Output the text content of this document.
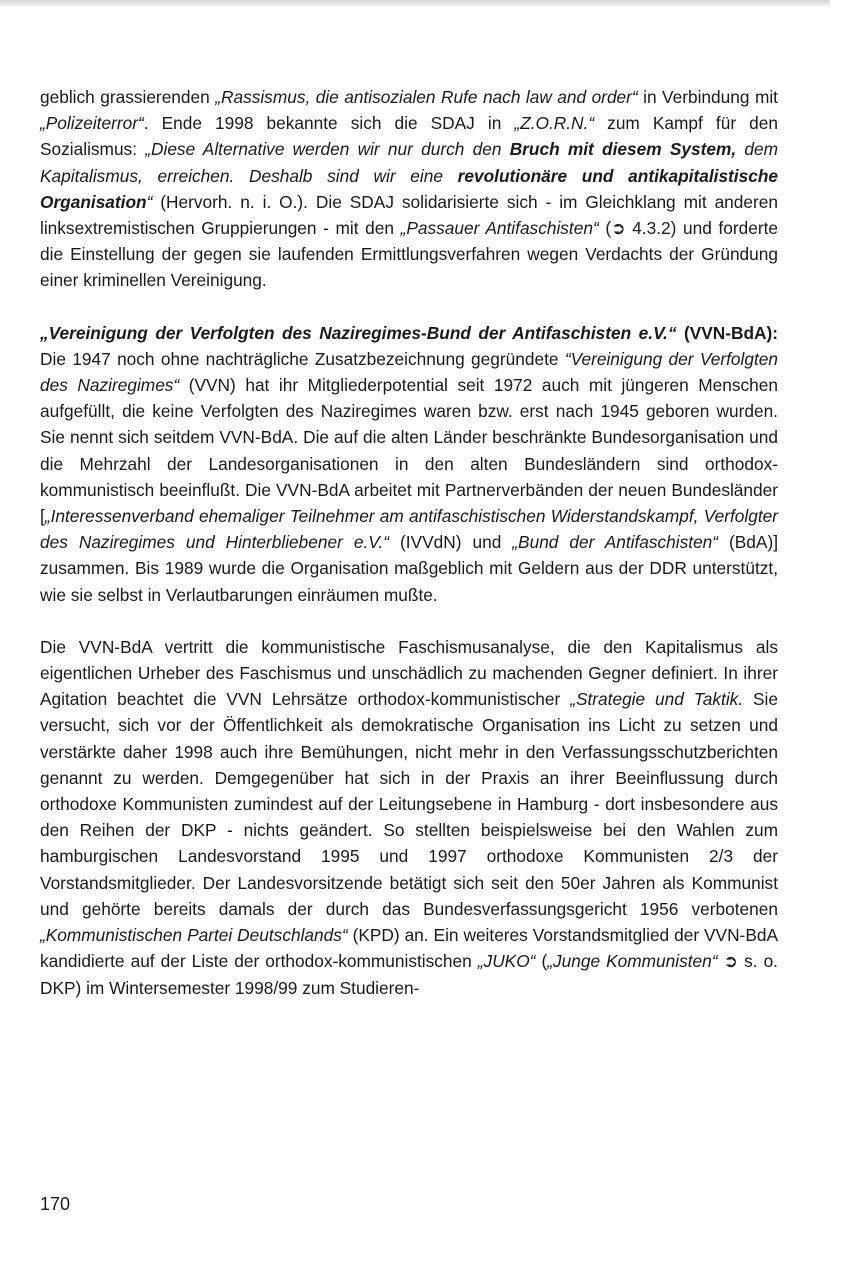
geblich grassierenden „Rassismus, die antisozialen Rufe nach law and order“ in Verbindung mit „Polizeiterror“. Ende 1998 bekannte sich die SDAJ in „Z.O.R.N.“ zum Kampf für den Sozialismus: „Diese Alternative werden wir nur durch den Bruch mit diesem System, dem Kapitalismus, erreichen. Deshalb sind wir eine revolutionäre und antikapitalistische Organisation“ (Hervorh. n. i. O.). Die SDAJ solidarisierte sich - im Gleichklang mit anderen linksextremistischen Gruppierungen - mit den „Passauer Antifaschisten“ (➲ 4.3.2) und forderte die Einstellung der gegen sie laufenden Ermittlungsverfahren wegen Verdachts der Gründung einer kriminellen Vereinigung.

„Vereinigung der Verfolgten des Naziregimes-Bund der Antifaschisten e.V.“ (VVN-BdA): Die 1947 noch ohne nachträgliche Zusatzbezeichnung gegründete “Vereinigung der Verfolgten des Naziregimes“ (VVN) hat ihr Mitgliederpotential seit 1972 auch mit jüngeren Menschen aufgefüllt, die keine Verfolgten des Naziregimes waren bzw. erst nach 1945 geboren wurden. Sie nennt sich seitdem VVN-BdA. Die auf die alten Länder beschränkte Bundesorganisation und die Mehrzahl der Landesorganisationen in den alten Bundesländern sind orthodox-kommunistisch beeinflußt. Die VVN-BdA arbeitet mit Partnerverbänden der neuen Bundesländer [„Interessenverband ehemaliger Teilnehmer am antifaschistischen Widerstandskampf, Verfolgter des Naziregimes und Hinterbliebener e.V.“ (IVVdN) und „Bund der Antifaschisten“ (BdA)] zusammen. Bis 1989 wurde die Organisation maßgeblich mit Geldern aus der DDR unterstützt, wie sie selbst in Verlautbarungen einräumen mußte.

Die VVN-BdA vertritt die kommunistische Faschismusanalyse, die den Kapitalismus als eigentlichen Urheber des Faschismus und unschädlich zu machenden Gegner definiert. In ihrer Agitation beachtet die VVN Lehrsätze orthodox-kommunistischer „Strategie und Taktik. Sie versucht, sich vor der Öffentlichkeit als demokratische Organisation ins Licht zu setzen und verstärkte daher 1998 auch ihre Bemühungen, nicht mehr in den Verfassungsschutzberichten genannt zu werden. Demgegenüber hat sich in der Praxis an ihrer Beeinflussung durch orthodoxe Kommunisten zumindest auf der Leitungsebene in Hamburg - dort insbesondere aus den Reihen der DKP - nichts geändert. So stellten beispielsweise bei den Wahlen zum hamburgischen Landesvorstand 1995 und 1997 orthodoxe Kommunisten 2/3 der Vorstandsmitglieder. Der Landesvorsitzende betätigt sich seit den 50er Jahren als Kommunist und gehörte bereits damals der durch das Bundesverfassungsgericht 1956 verbotenen „Kommunistischen Partei Deutschlands“ (KPD) an. Ein weiteres Vorstandsmitglied der VVN-BdA kandidierte auf der Liste der orthodox-kommunistischen „JUKO“ („Junge Kommunisten“ ➲ s. o. DKP) im Wintersemester 1998/99 zum Studieren-

170
